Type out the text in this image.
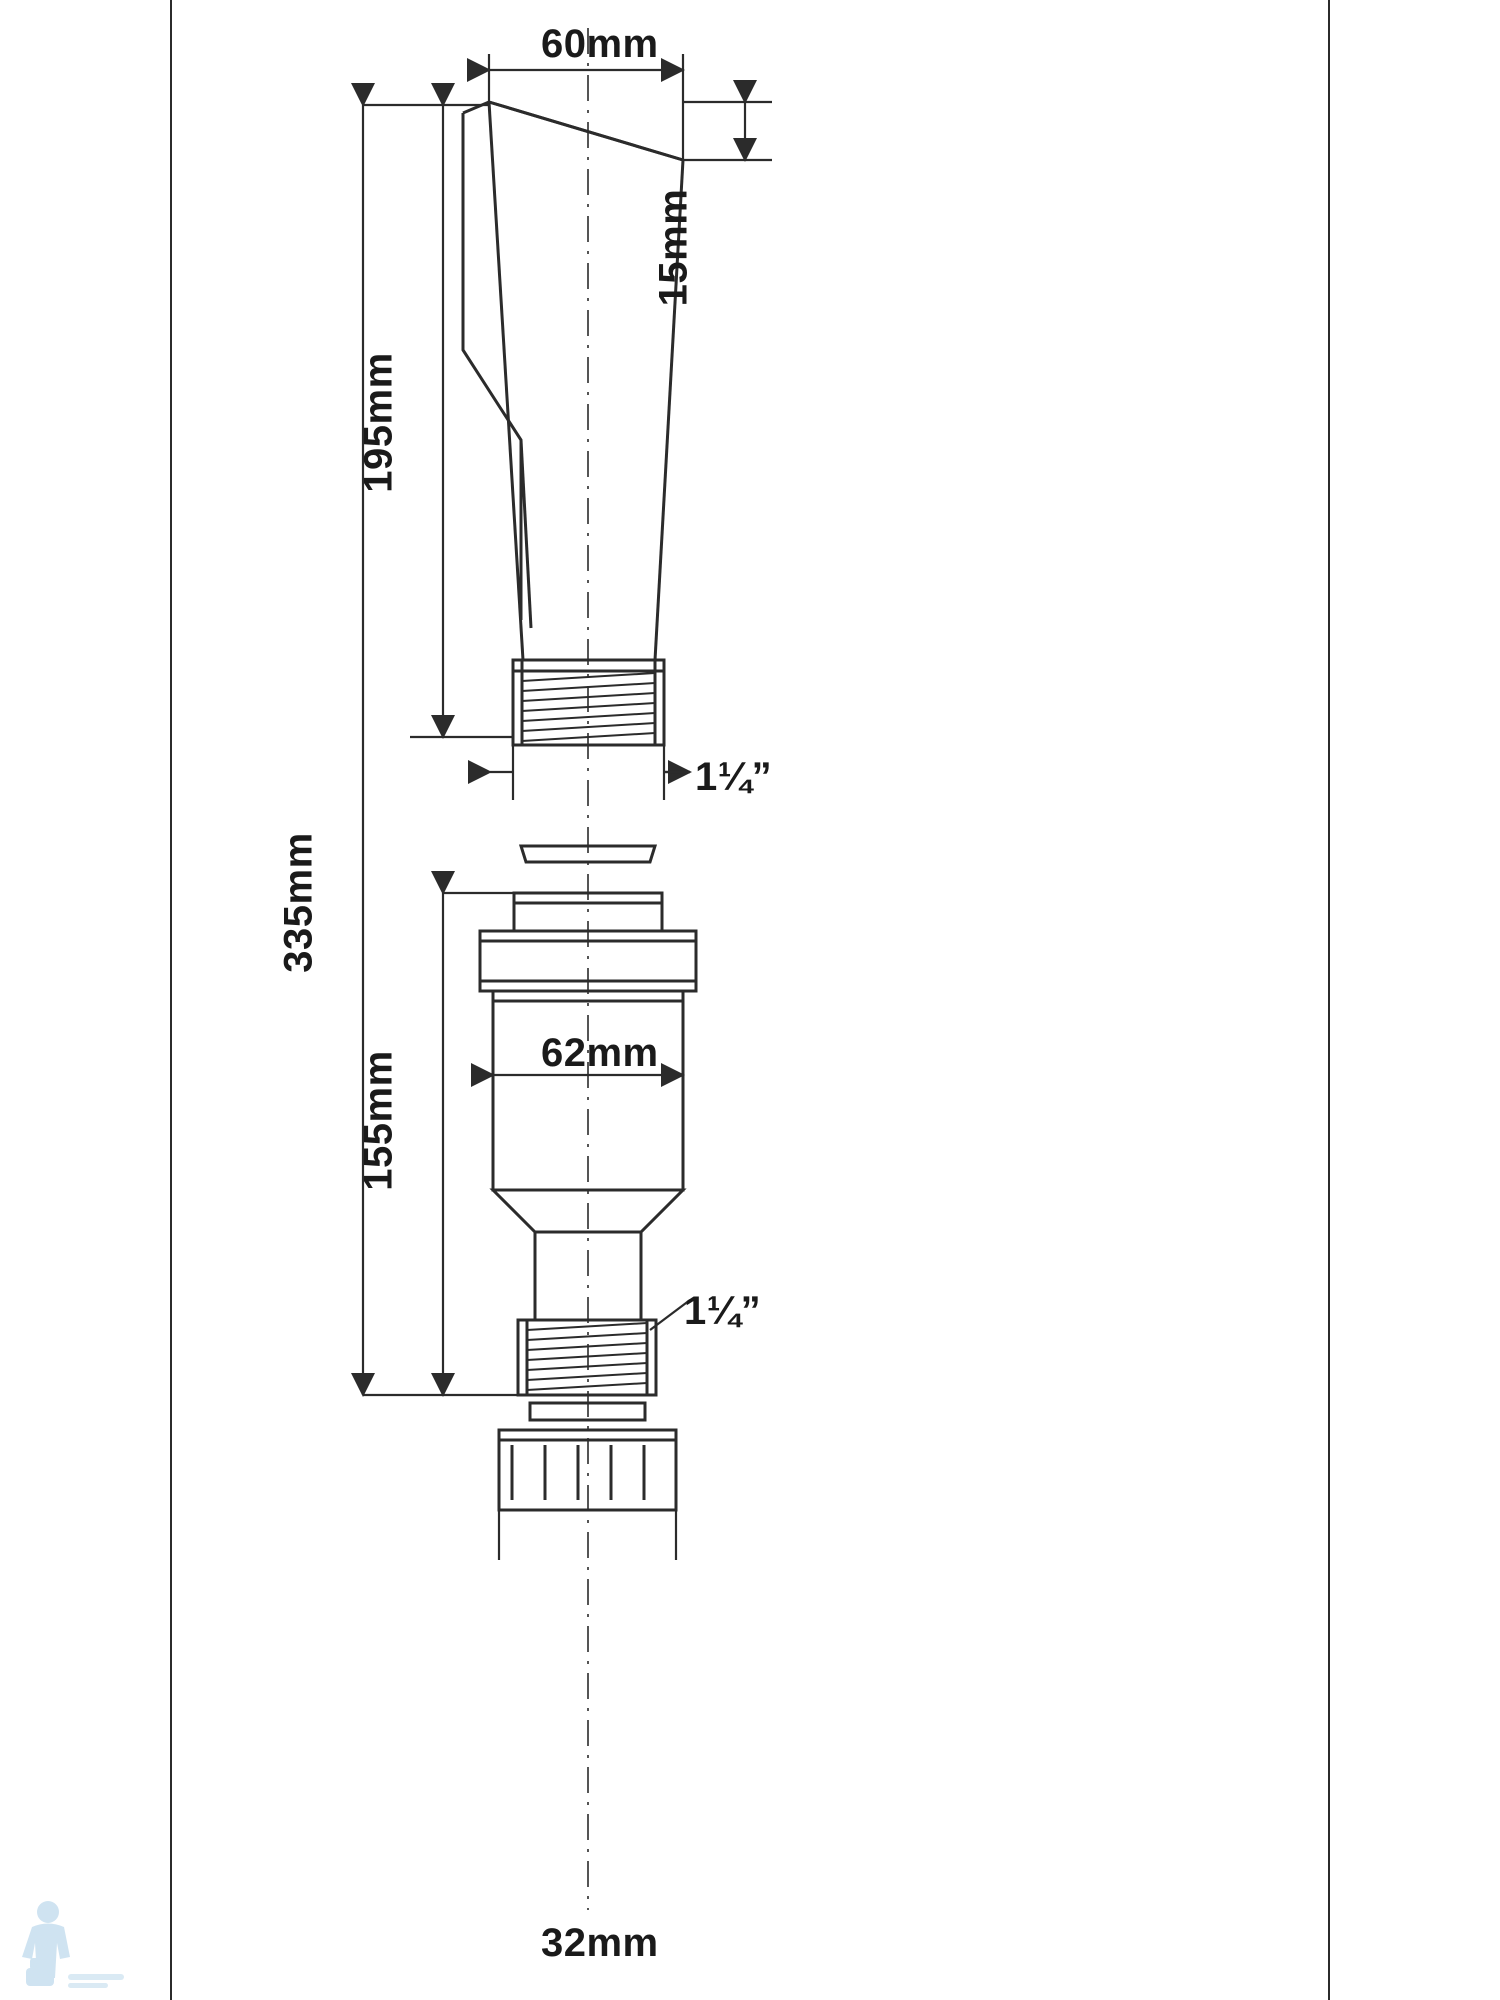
60mm
15mm
195mm
1¼”
335mm
62mm
155mm
1¼”
32mm
